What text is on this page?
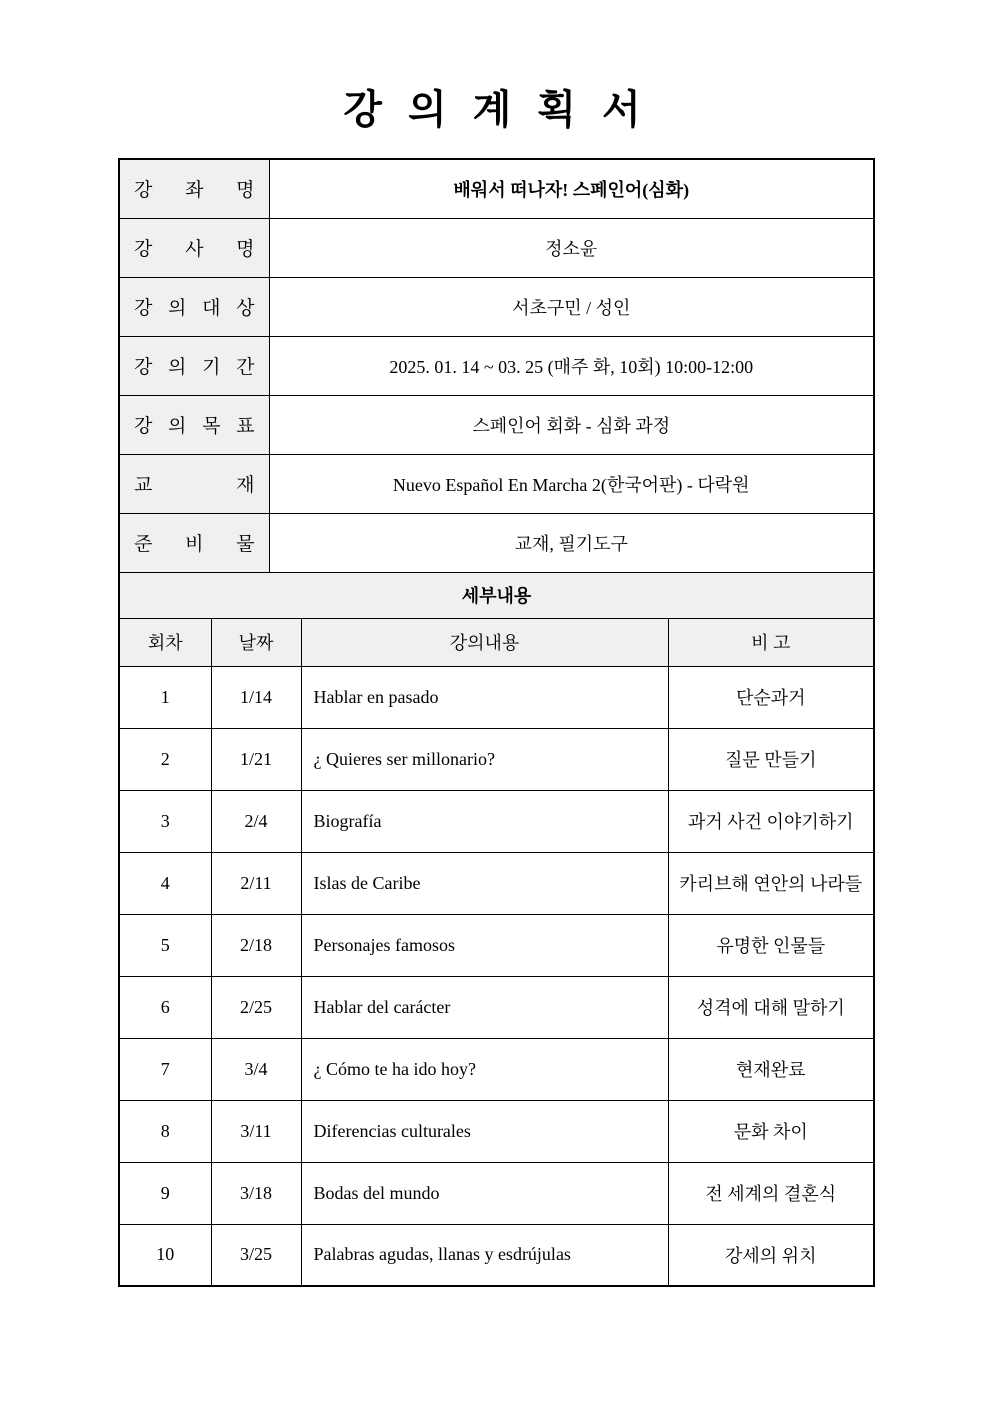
강 의 계 획 서
강 좌 명		배워서 떠나자! 스페인어(심화)		
강 사 명		정소윤		
강 의 대 상		서초구민 / 성인		
강 의 기 간		2025. 01. 14 ~ 03. 25 (매주 화, 10회) 10:00-12:00		
강 의 목 표		스페인어 회화 - 심화 과정		
교 재		Nuevo Español En Marcha 2(한국어판) - 다락원		
준 비 물		교재, 필기도구		
세부내용				
회차	날짜		강의내용	비 고
1	1/14		Hablar en pasado	단순과거
2	1/21		¿ Quieres ser millonario?	질문 만들기
3	2/4		Biografía	과거 사건 이야기하기
4	2/11		Islas de Caribe	카리브해 연안의 나라들
5	2/18		Personajes famosos	유명한 인물들
6	2/25		Hablar del carácter	성격에 대해 말하기
7	3/4		¿ Cómo te ha ido hoy?	현재완료
8	3/11		Diferencias culturales	문화 차이
9	3/18		Bodas del mundo	전 세계의 결혼식
10	3/25		Palabras agudas, llanas y esdrújulas	강세의 위치
